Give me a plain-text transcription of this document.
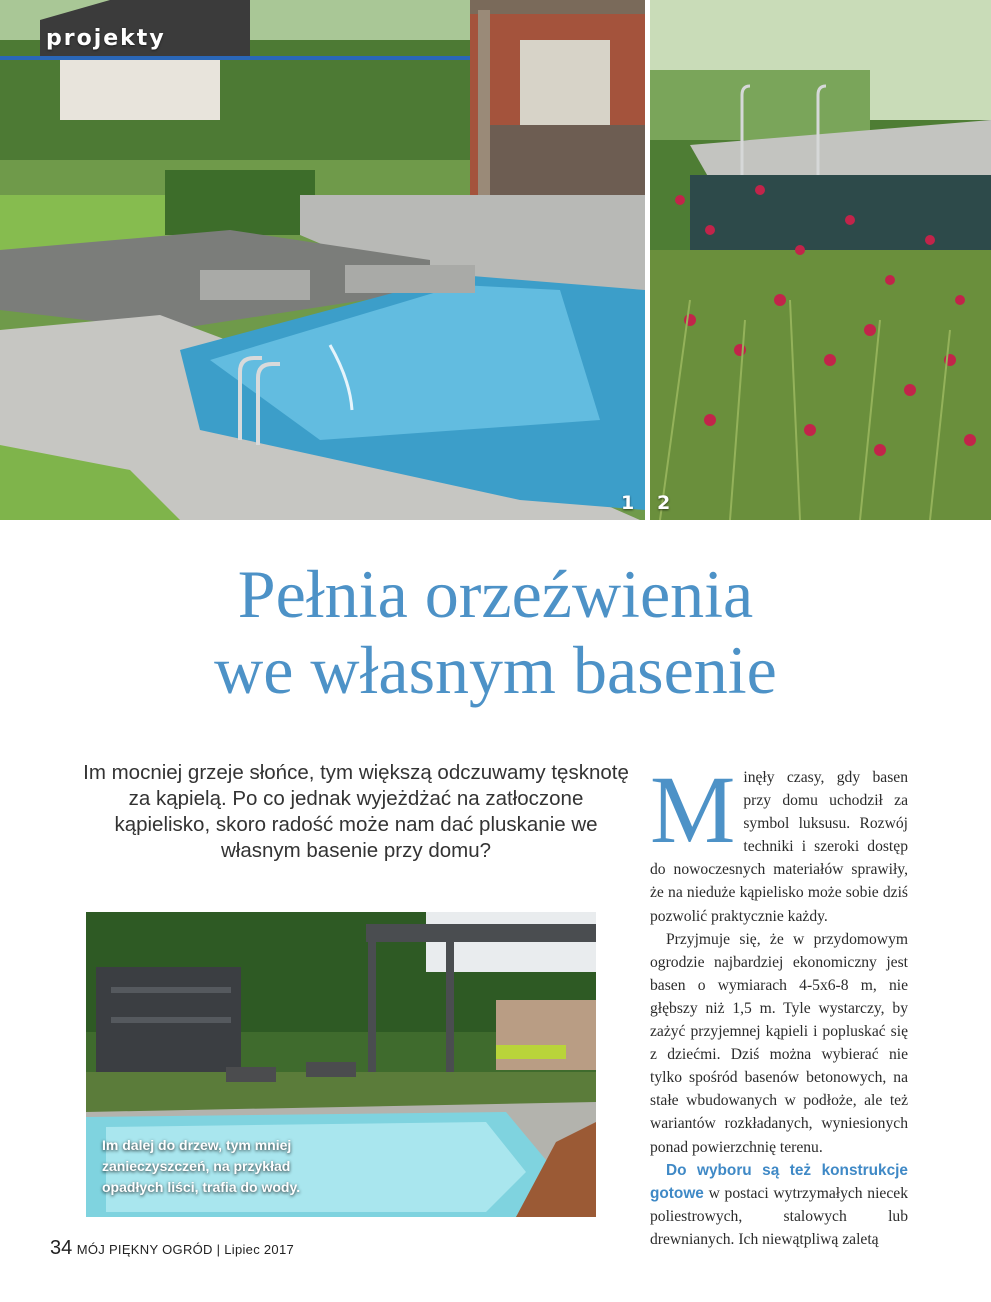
projekty
1 2
Pełnia orzeźwienia
we własnym basenie
Im mocniej grzeje słońce, tym większą odczuwamy tęsknotę za kąpielą. Po co jednak wyjeżdżać na zatłoczone kąpielisko, skoro radość może nam dać pluskanie we własnym basenie przy domu?
Im dalej do drzew, tym mniej zanieczyszczeń, na przykład opadłych liści, trafia do wody.

Minęły czasy, gdy basen przy domu uchodził za symbol luksusu. Rozwój techniki i szeroki dostęp do nowoczesnych materiałów sprawiły, że na nieduże kąpielisko może sobie dziś pozwolić praktycznie każdy.

Przyjmuje się, że w przydomowym ogrodzie najbardziej ekonomiczny jest basen o wymiarach 4-5x6-8 m, nie głębszy niż 1,5 m. Tyle wystarczy, by zażyć przyjemnej kąpieli i popluskać się z dziećmi. Dziś można wybierać nie tylko spośród basenów betonowych, na stałe wbudowanych w podłoże, ale też wariantów rozkładanych, wyniesionych ponad powierzchnię terenu.

Do wyboru są też konstrukcje gotowe w postaci wytrzymałych niecek poliestrowych, stalowych lub drewnianych. Ich niewątpliwą zaletą

34 MÓJ PIĘKNY OGRÓD | Lipiec 2017
